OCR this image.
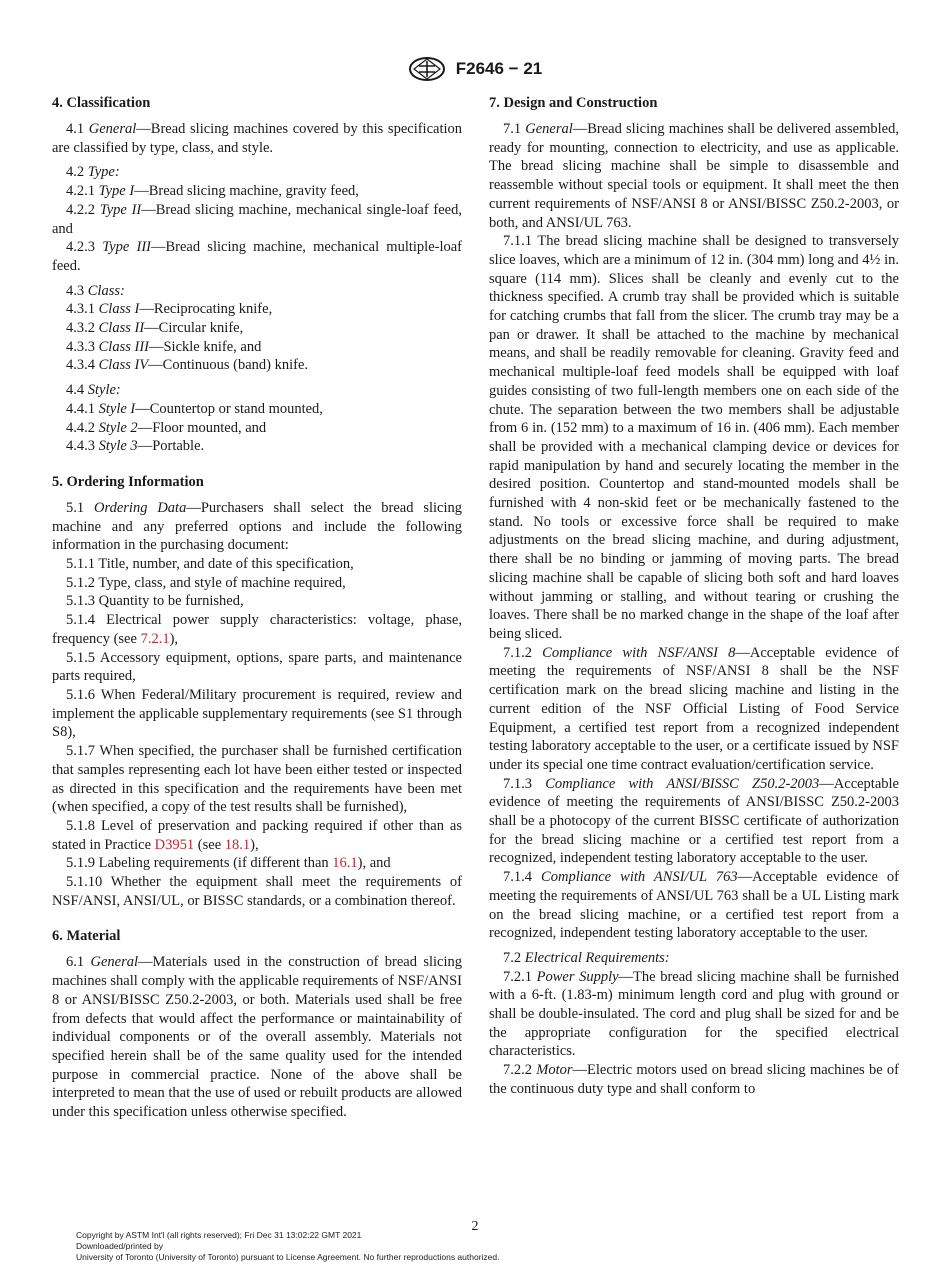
F2646 − 21
4. Classification

4.1 General—Bread slicing machines covered by this specification are classified by type, class, and style.

4.2 Type:

4.2.1 Type I—Bread slicing machine, gravity feed,

4.2.2 Type II—Bread slicing machine, mechanical single-loaf feed, and

4.2.3 Type III—Bread slicing machine, mechanical multiple-loaf feed.

4.3 Class:

4.3.1 Class I—Reciprocating knife,

4.3.2 Class II—Circular knife,

4.3.3 Class III—Sickle knife, and

4.3.4 Class IV—Continuous (band) knife.

4.4 Style:

4.4.1 Style I—Countertop or stand mounted,

4.4.2 Style 2—Floor mounted, and

4.4.3 Style 3—Portable.

5. Ordering Information

5.1 Ordering Data—Purchasers shall select the bread slicing machine and any preferred options and include the following information in the purchasing document:

5.1.1 Title, number, and date of this specification,

5.1.2 Type, class, and style of machine required,

5.1.3 Quantity to be furnished,

5.1.4 Electrical power supply characteristics: voltage, phase, frequency (see 7.2.1),

5.1.5 Accessory equipment, options, spare parts, and maintenance parts required,

5.1.6 When Federal/Military procurement is required, review and implement the applicable supplementary requirements (see S1 through S8),

5.1.7 When specified, the purchaser shall be furnished certification that samples representing each lot have been either tested or inspected as directed in this specification and the requirements have been met (when specified, a copy of the test results shall be furnished),

5.1.8 Level of preservation and packing required if other than as stated in Practice D3951 (see 18.1),

5.1.9 Labeling requirements (if different than 16.1), and

5.1.10 Whether the equipment shall meet the requirements of NSF/ANSI, ANSI/UL, or BISSC standards, or a combination thereof.

6. Material

6.1 General—Materials used in the construction of bread slicing machines shall comply with the applicable requirements of NSF/ANSI 8 or ANSI/BISSC Z50.2-2003, or both. Materials used shall be free from defects that would affect the performance or maintainability of individual components or of the overall assembly. Materials not specified herein shall be of the same quality used for the intended purpose in commercial practice. None of the above shall be interpreted to mean that the use of used or rebuilt products are allowed under this specification unless otherwise specified.

7. Design and Construction

7.1 General—Bread slicing machines shall be delivered assembled, ready for mounting, connection to electricity, and use as applicable. The bread slicing machine shall be simple to disassemble and reassemble without special tools or equipment. It shall meet the then current requirements of NSF/ANSI 8 or ANSI/BISSC Z50.2-2003, or both, and ANSI/UL 763.

7.1.1 The bread slicing machine shall be designed to transversely slice loaves, which are a minimum of 12 in. (304 mm) long and 4½ in. square (114 mm). Slices shall be cleanly and evenly cut to the thickness specified. A crumb tray shall be provided which is suitable for catching crumbs that fall from the slicer. The crumb tray may be a pan or drawer. It shall be attached to the machine by mechanical means, and shall be readily removable for cleaning. Gravity feed and mechanical multiple-loaf feed models shall be equipped with loaf guides consisting of two full-length members one on each side of the chute. The separation between the two members shall be adjustable from 6 in. (152 mm) to a maximum of 16 in. (406 mm). Each member shall be provided with a mechanical clamping device or devices for rapid manipulation by hand and securely locating the member in the desired position. Countertop and stand-mounted models shall be furnished with 4 non-skid feet or be mechanically fastened to the stand. No tools or excessive force shall be required to make adjustments on the bread slicing machine, and during adjustment, there shall be no binding or jamming of moving parts. The bread slicing machine shall be capable of slicing both soft and hard loaves without jamming or stalling, and without tearing or crushing the loaves. There shall be no marked change in the shape of the loaf after being sliced.

7.1.2 Compliance with NSF/ANSI 8—Acceptable evidence of meeting the requirements of NSF/ANSI 8 shall be the NSF certification mark on the bread slicing machine and listing in the current edition of the NSF Official Listing of Food Service Equipment, a certified test report from a recognized independent testing laboratory acceptable to the user, or a certificate issued by NSF under its special one time contract evaluation/certification service.

7.1.3 Compliance with ANSI/BISSC Z50.2-2003—Acceptable evidence of meeting the requirements of ANSI/BISSC Z50.2-2003 shall be a photocopy of the current BISSC certificate of authorization for the bread slicing machine or a certified test report from a recognized, independent testing laboratory acceptable to the user.

7.1.4 Compliance with ANSI/UL 763—Acceptable evidence of meeting the requirements of ANSI/UL 763 shall be a UL Listing mark on the bread slicing machine, or a certified test report from a recognized, independent testing laboratory acceptable to the user.

7.2 Electrical Requirements:

7.2.1 Power Supply—The bread slicing machine shall be furnished with a 6-ft. (1.83-m) minimum length cord and plug with ground or shall be double-insulated. The cord and plug shall be sized for and be the appropriate configuration for the specified electrical characteristics.

7.2.2 Motor—Electric motors used on bread slicing machines be of the continuous duty type and shall conform to

2
Copyright by ASTM Int'l (all rights reserved); Fri Dec 31 13:02:22 GMT 2021
Downloaded/printed by
University of Toronto (University of Toronto) pursuant to License Agreement. No further reproductions authorized.
